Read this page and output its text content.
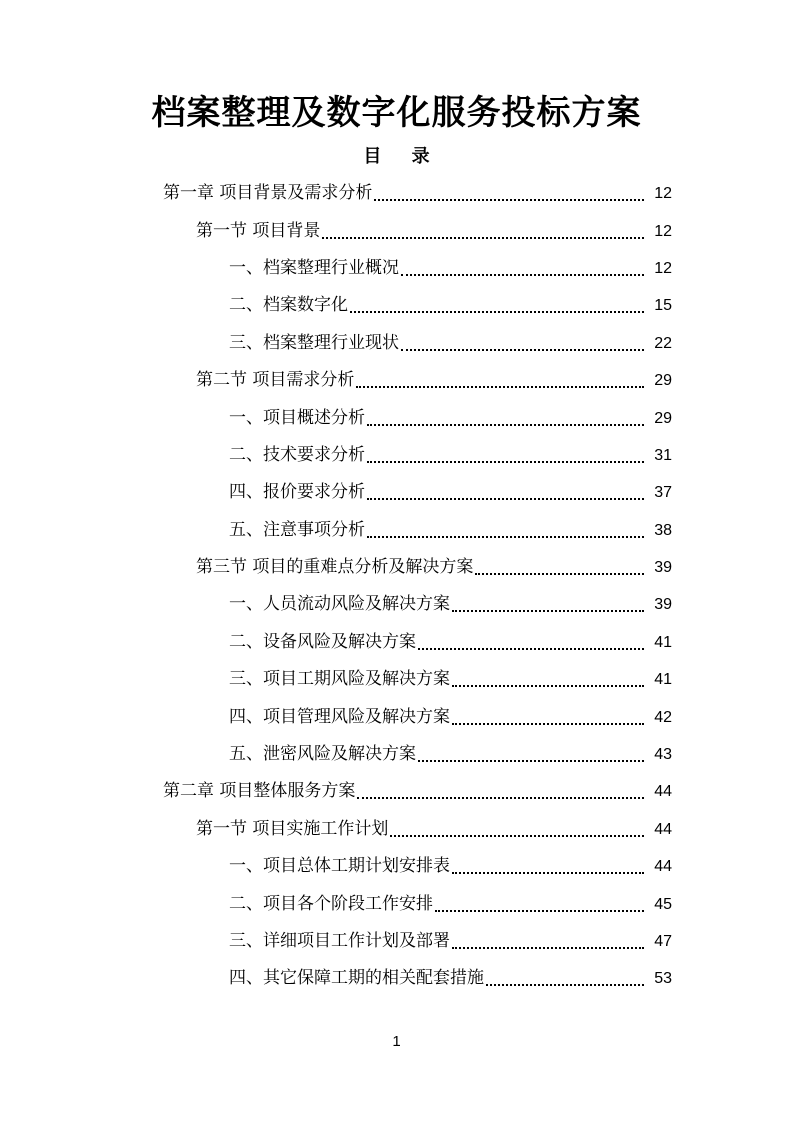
档案整理及数字化服务投标方案
目 录
第一章 项目背景及需求分析	12
第一节 项目背景	12
一、档案整理行业概况	12
二、档案数字化	15
三、档案整理行业现状	22
第二节 项目需求分析	29
一、项目概述分析	29
二、技术要求分析	31
四、报价要求分析	37
五、注意事项分析	38
第三节 项目的重难点分析及解决方案	39
一、人员流动风险及解决方案	39
二、设备风险及解决方案	41
三、项目工期风险及解决方案	41
四、项目管理风险及解决方案	42
五、泄密风险及解决方案	43
第二章 项目整体服务方案	44
第一节 项目实施工作计划	44
一、项目总体工期计划安排表	44
二、项目各个阶段工作安排	45
三、详细项目工作计划及部署	47
四、其它保障工期的相关配套措施	53
1
